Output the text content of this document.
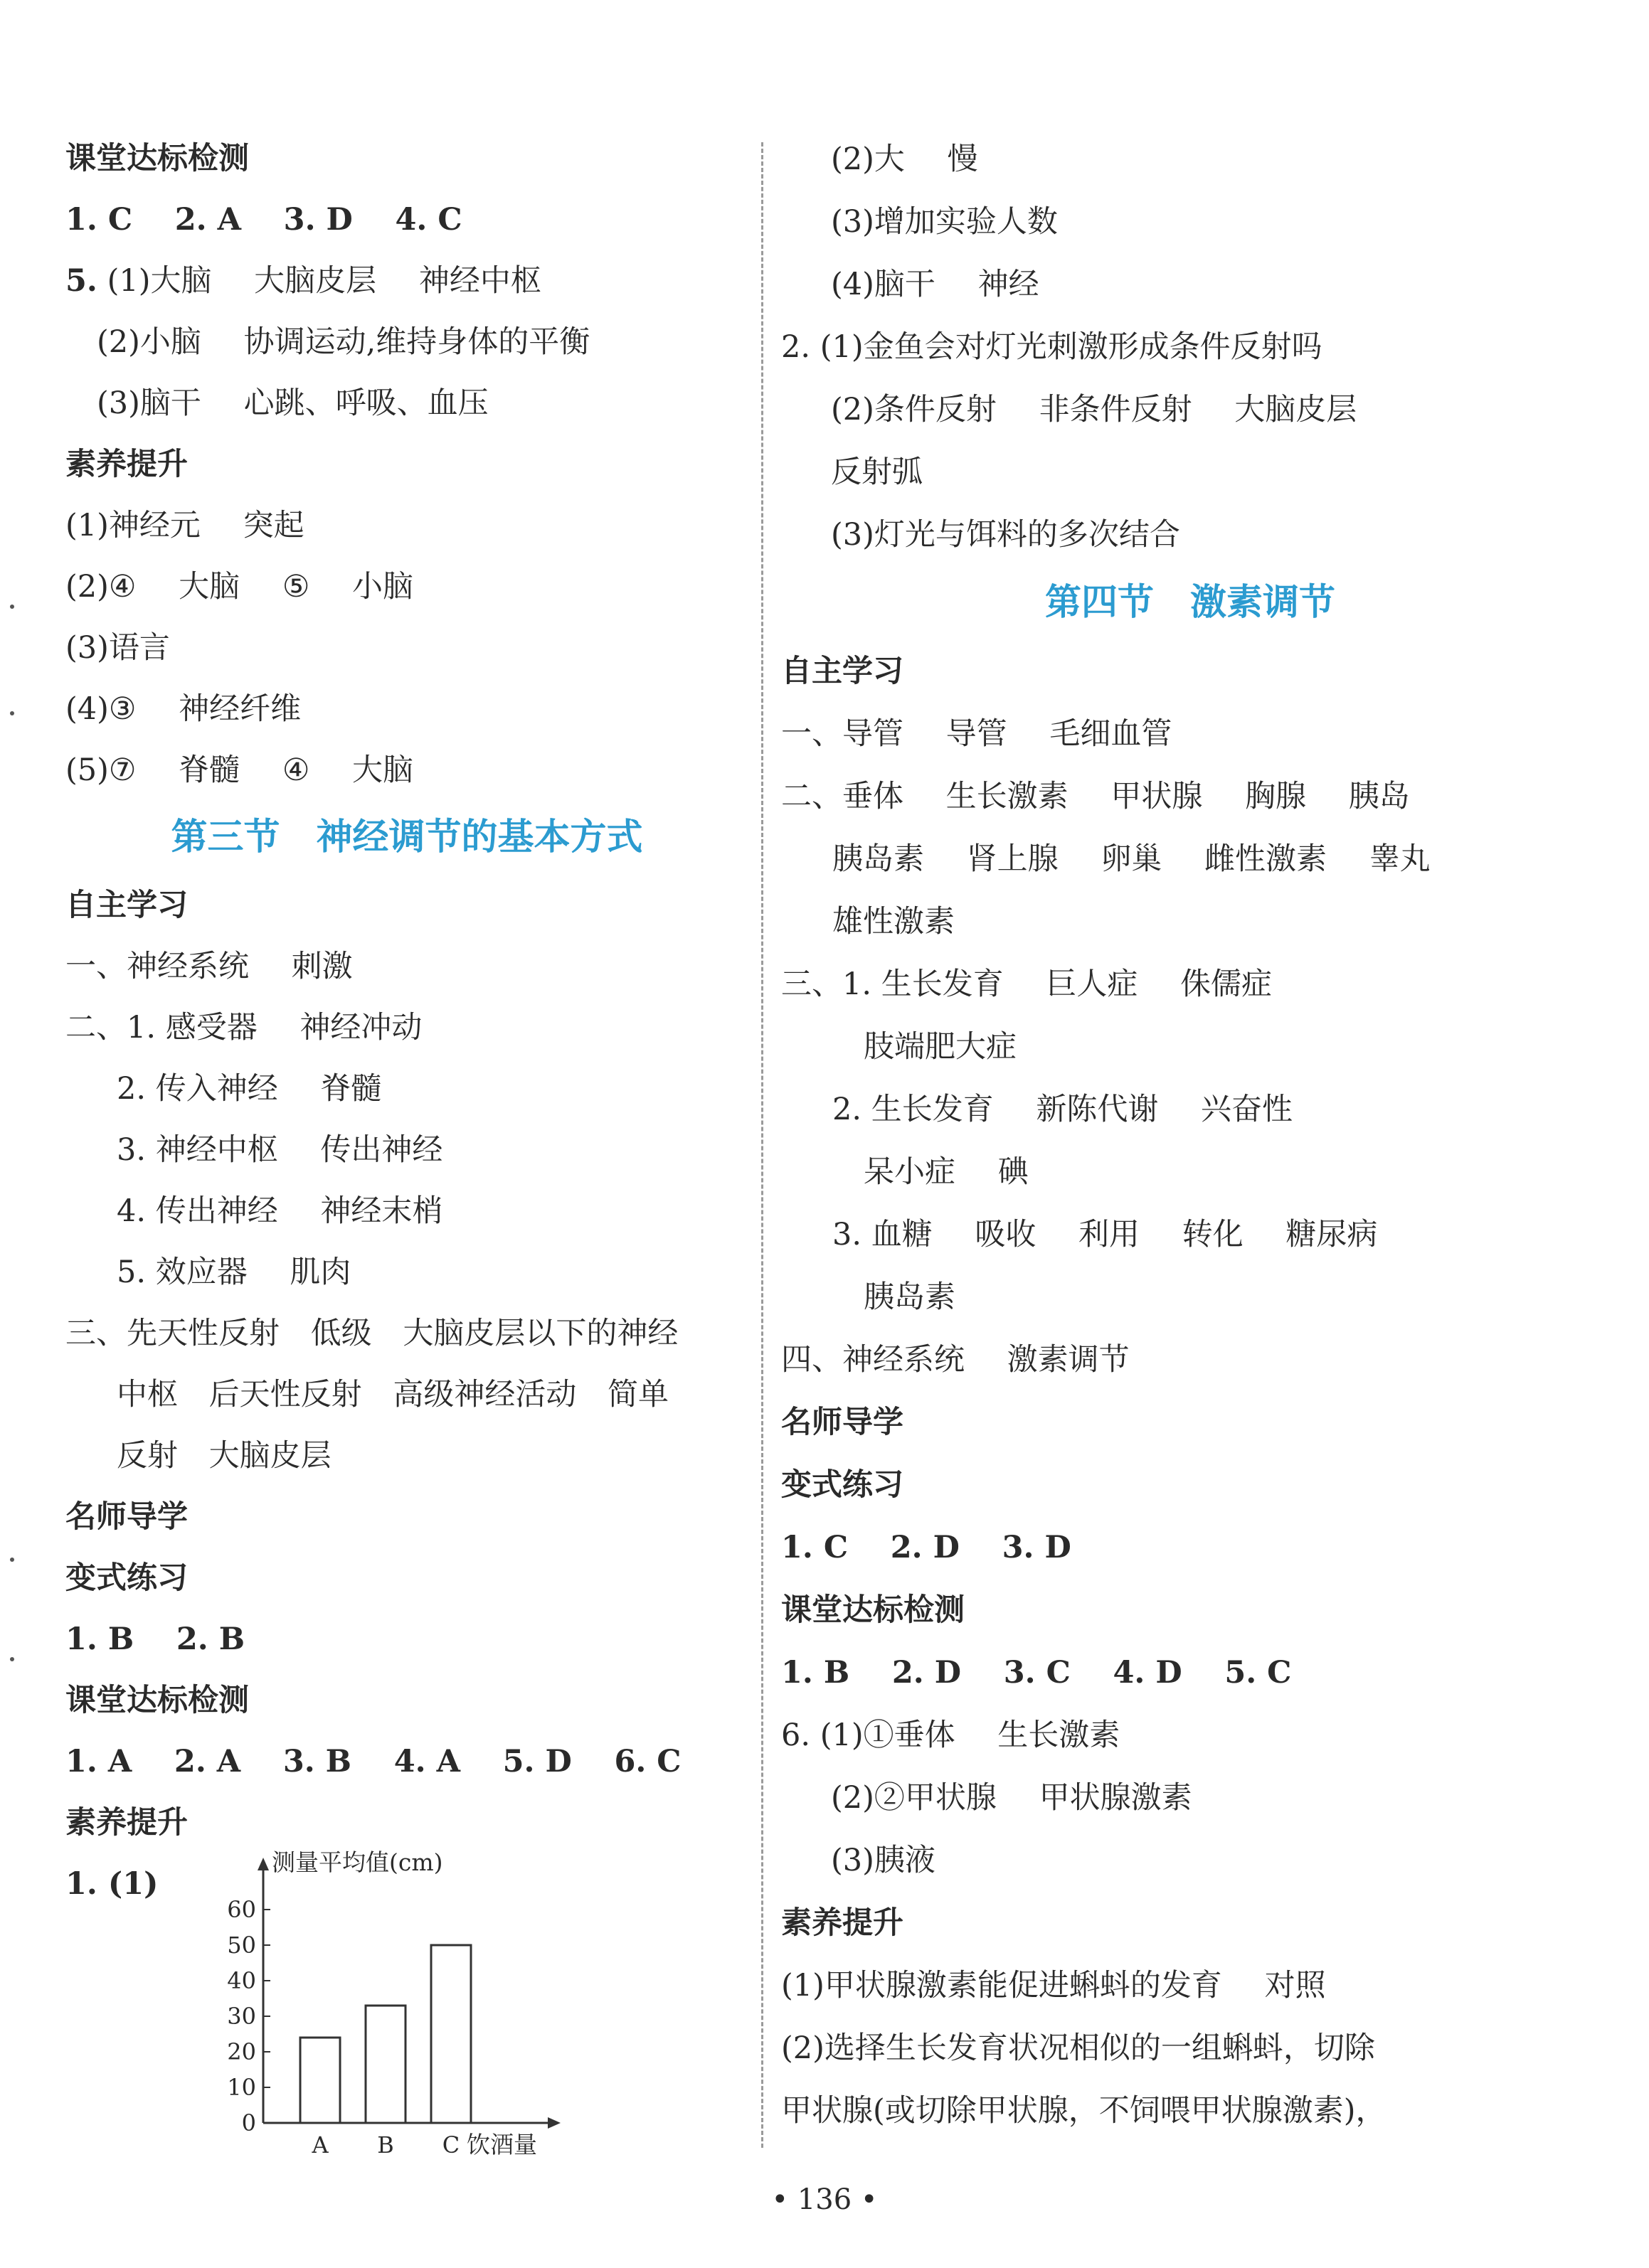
课堂达标检测
1. C 2. A 3. D 4. C
5. (1)大脑 大脑皮层 神经中枢
(2)小脑 协调运动,维持身体的平衡
(3)脑干 心跳、呼吸、血压
素养提升
(1)神经元 突起
(2)④ 大脑 ⑤ 小脑
(3)语言
(4)③ 神经纤维
(5)⑦ 脊髓 ④ 大脑
第三节　神经调节的基本方式
自主学习
一、神经系统 刺激
二、1. 感受器 神经冲动
2. 传入神经 脊髓
3. 神经中枢 传出神经
4. 传出神经 神经末梢
5. 效应器 肌肉
三、先天性反射 低级 大脑皮层以下的神经
中枢 后天性反射 高级神经活动 简单
反射 大脑皮层
名师导学
变式练习
1. B 2. B
课堂达标检测
1. A 2. A 3. B 4. A 5. D 6. C
素养提升
1. (1)
测量平均值(cm)
0
10
20
30
40
50
60
A B C 饮酒量
(2)大 慢
(3)增加实验人数
(4)脑干 神经
2. (1)金鱼会对灯光刺激形成条件反射吗
(2)条件反射 非条件反射 大脑皮层
反射弧
(3)灯光与饵料的多次结合
第四节　激素调节
自主学习
一、导管 导管 毛细血管
二、垂体 生长激素 甲状腺 胸腺 胰岛
胰岛素 肾上腺 卵巢 雌性激素 睾丸
雄性激素
三、1. 生长发育 巨人症 侏儒症
肢端肥大症
2. 生长发育 新陈代谢 兴奋性
呆小症 碘
3. 血糖 吸收 利用 转化 糖尿病
胰岛素
四、神经系统 激素调节
名师导学
变式练习
1. C 2. D 3. D
课堂达标检测
1. B 2. D 3. C 4. D 5. C
6. (1)①垂体 生长激素
(2)②甲状腺 甲状腺激素
(3)胰液
素养提升
(1)甲状腺激素能促进蝌蚪的发育 对照
(2)选择生长发育状况相似的一组蝌蚪，切除
甲状腺(或切除甲状腺，不饲喂甲状腺激素)，
• 136 •
